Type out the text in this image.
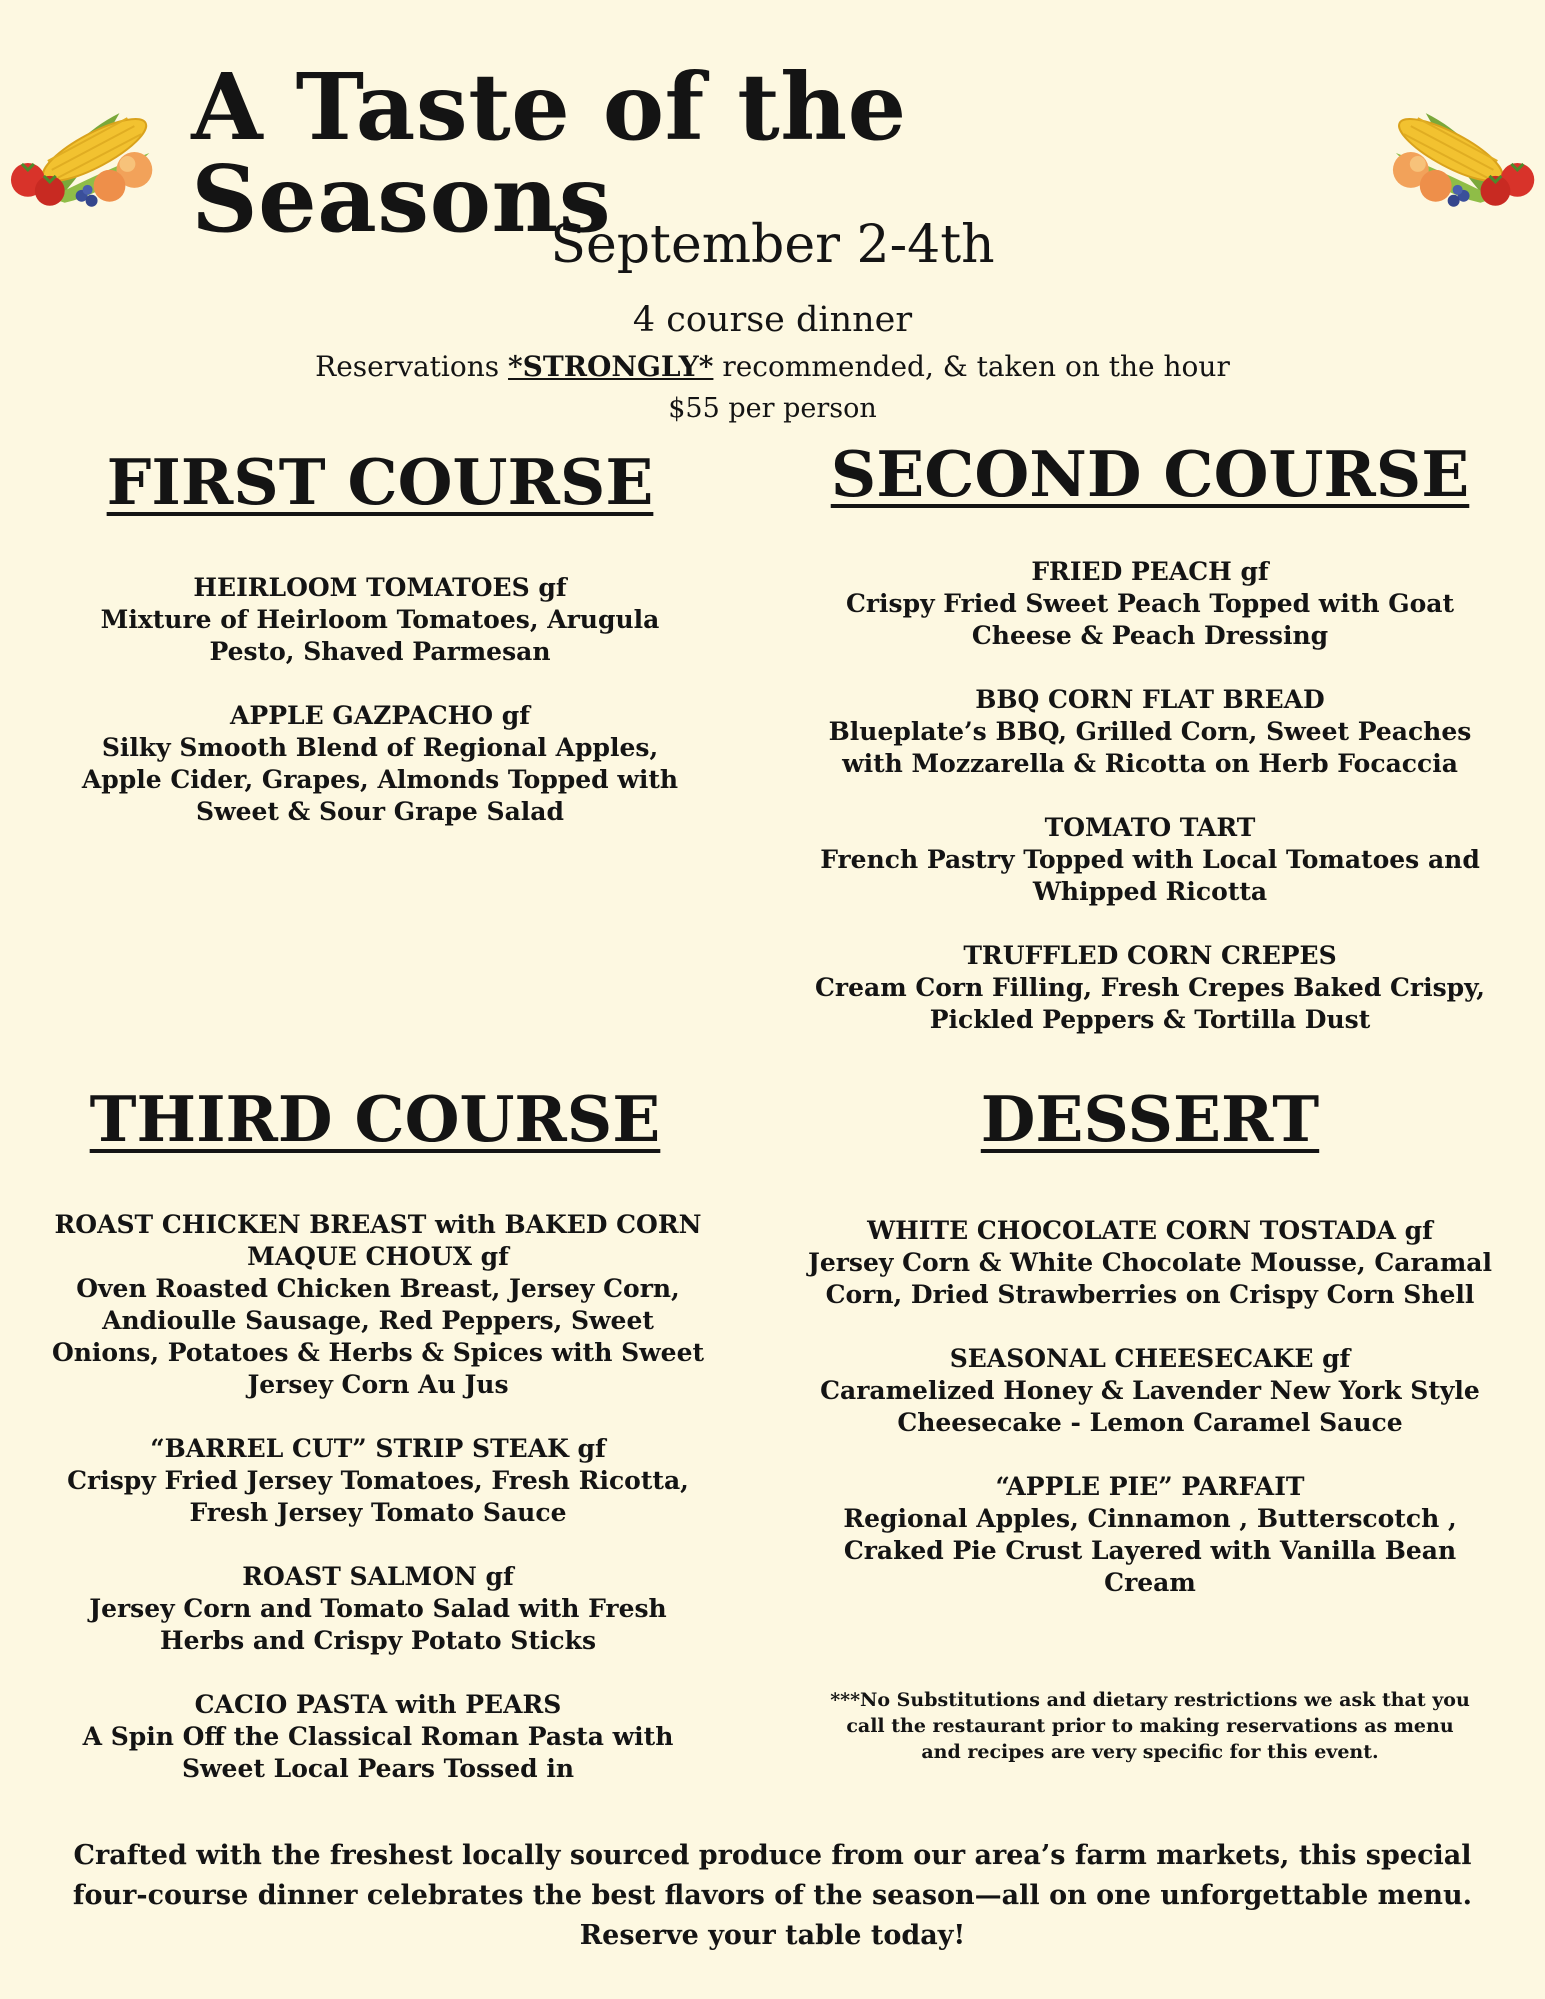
A Taste of the Seasons
September 2-4th
4 course dinner
Reservations *STRONGLY* recommended, & taken on the hour
$55 per person
FIRST COURSE
HEIRLOOM TOMATOES gf
Mixture of Heirloom Tomatoes, Arugula Pesto, Shaved Parmesan
APPLE GAZPACHO gf
Silky Smooth Blend of Regional Apples, Apple Cider, Grapes, Almonds Topped with Sweet & Sour Grape Salad
SECOND COURSE
FRIED PEACH gf
Crispy Fried Sweet Peach Topped with Goat Cheese & Peach Dressing
BBQ CORN FLAT BREAD
Blueplate’s BBQ, Grilled Corn, Sweet Peaches with Mozzarella & Ricotta on Herb Focaccia
TOMATO TART
French Pastry Topped with Local Tomatoes and Whipped Ricotta
TRUFFLED CORN CREPES
Cream Corn Filling, Fresh Crepes Baked Crispy, Pickled Peppers & Tortilla Dust
THIRD COURSE
ROAST CHICKEN BREAST with BAKED CORN MAQUE CHOUX gf
Oven Roasted Chicken Breast, Jersey Corn, Andioulle Sausage, Red Peppers, Sweet Onions, Potatoes & Herbs & Spices with Sweet Jersey Corn Au Jus
“BARREL CUT” STRIP STEAK gf
Crispy Fried Jersey Tomatoes, Fresh Ricotta, Fresh Jersey Tomato Sauce
ROAST SALMON gf
Jersey Corn and Tomato Salad with Fresh Herbs and Crispy Potato Sticks
CACIO PASTA with PEARS
A Spin Off the Classical Roman Pasta with Sweet Local Pears Tossed in
DESSERT
WHITE CHOCOLATE CORN TOSTADA gf
Jersey Corn & White Chocolate Mousse, Caramal Corn, Dried Strawberries on Crispy Corn Shell
SEASONAL CHEESECAKE gf
Caramelized Honey & Lavender New York Style Cheesecake - Lemon Caramel Sauce
“APPLE PIE” PARFAIT
Regional Apples, Cinnamon , Butterscotch , Craked Pie Crust Layered with Vanilla Bean Cream
***No Substitutions and dietary restrictions we ask that you call the restaurant prior to making reservations as menu and recipes are very specific for this event.
Crafted with the freshest locally sourced produce from our area’s farm markets, this special four-course dinner celebrates the best flavors of the season—all on one unforgettable menu. Reserve your table today!
